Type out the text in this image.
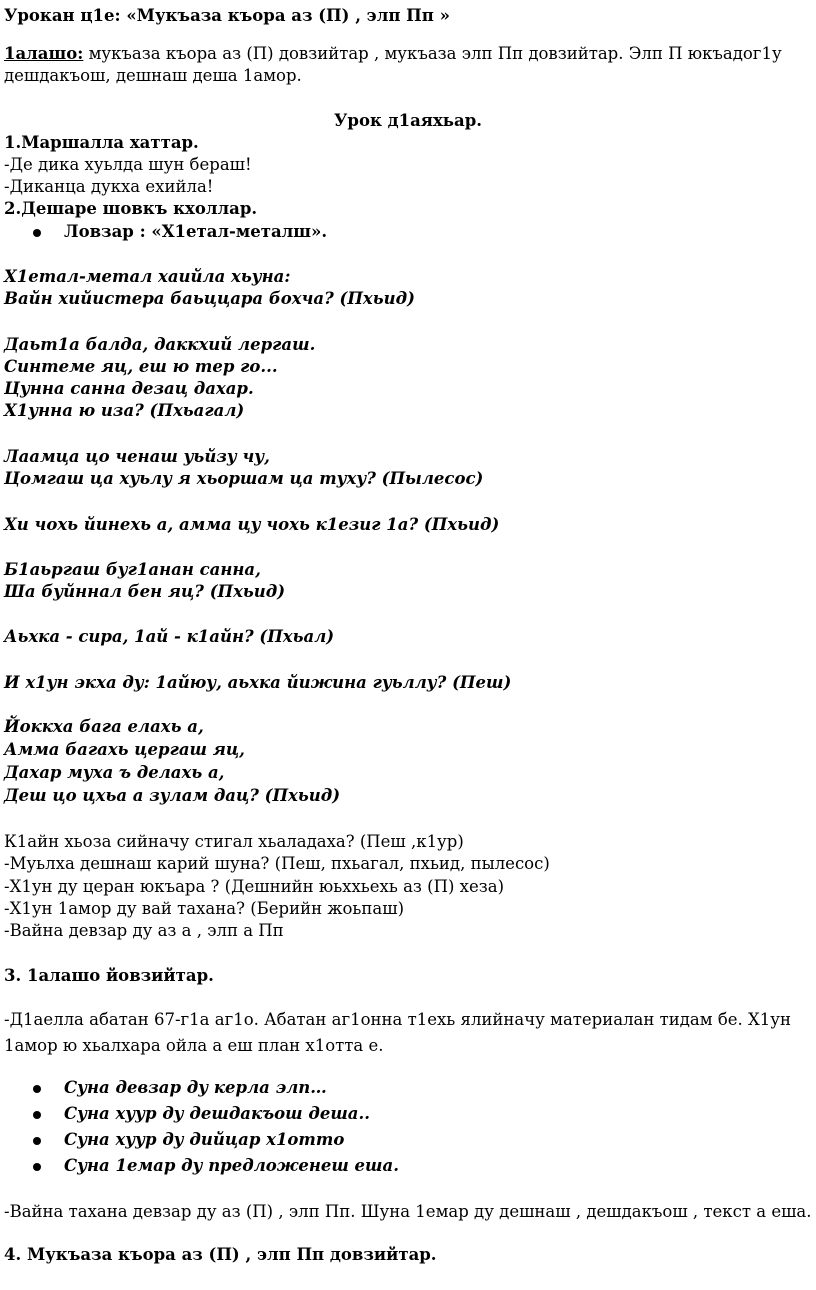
Урокан ц1е: «Мукъаза къора аз (П) , элп Пп »
1алашо: мукъаза къора аз (П) довзийтар , мукъаза элп Пп довзийтар. Элп П юкъадог1у
дешдакъош, дешнаш деша 1амор.
Урок д1аяхьар.
1.Маршалла хаттар.
-Де дика хуьлда шун бераш!
-Диканца дукха ехийла!
2.Дешаре шовкъ кхоллар.
Ловзар : «Х1етал-металш».
Х1етал-метал хаийла хьуна:
Вайн хийистера баьццара бохча? (Пхьид)
Даьт1а балда, даккхий лергаш.
Синтеме яц, еш ю тер го...
Цунна санна дезац дахар.
Х1унна ю иза? (Пхьагал)
Лаамца цо ченаш уьйзу чу,
Цомгаш ца хуьлу я хьоршам ца туху? (Пылесос)
Хи чохь йинехь а, амма цу чохь к1езиг 1а? (Пхьид)
Б1аьргаш буг1анан санна,
Ша буйннал бен яц? (Пхьид)
Аьхка - сира, 1ай - к1айн? (Пхьал)
И х1ун экха ду: 1айюу, аьхка йижина гуьллу? (Пеш)
Йоккха бага елахь а,
Амма багахь цергаш яц,
Дахар муха ъ делахь а,
Деш цо цхьа а зулам дац? (Пхьид)
К1айн хьоза сийначу стигал хьаладаха? (Пеш ,к1ур)
-Муьлха дешнаш карий шуна? (Пеш, пхьагал, пхьид, пылесос)
-Х1ун ду церан юкъара ? (Дешнийн юьххьехь аз (П) хеза)
-Х1ун 1амор ду вай тахана? (Берийн жоьпаш)
-Вайна девзар ду аз а , элп а Пп
3. 1алашо йовзийтар.
-Д1аелла абатан 67-г1а аг1о. Абатан аг1онна т1ехь ялийначу материалан тидам бе. Х1ун
1амор ю хьалхара ойла а еш план х1отта е.
Суна девзар ду керла элп…
Суна хуур ду дешдакъош деша..
Суна хуур ду дийцар х1отто
Суна 1емар ду предложенеш еша.
-Вайна тахана девзар ду аз (П) , элп Пп. Шуна 1емар ду дешнаш , дешдакъош , текст а еша.
4. Мукъаза къора аз (П) , элп Пп довзийтар.
